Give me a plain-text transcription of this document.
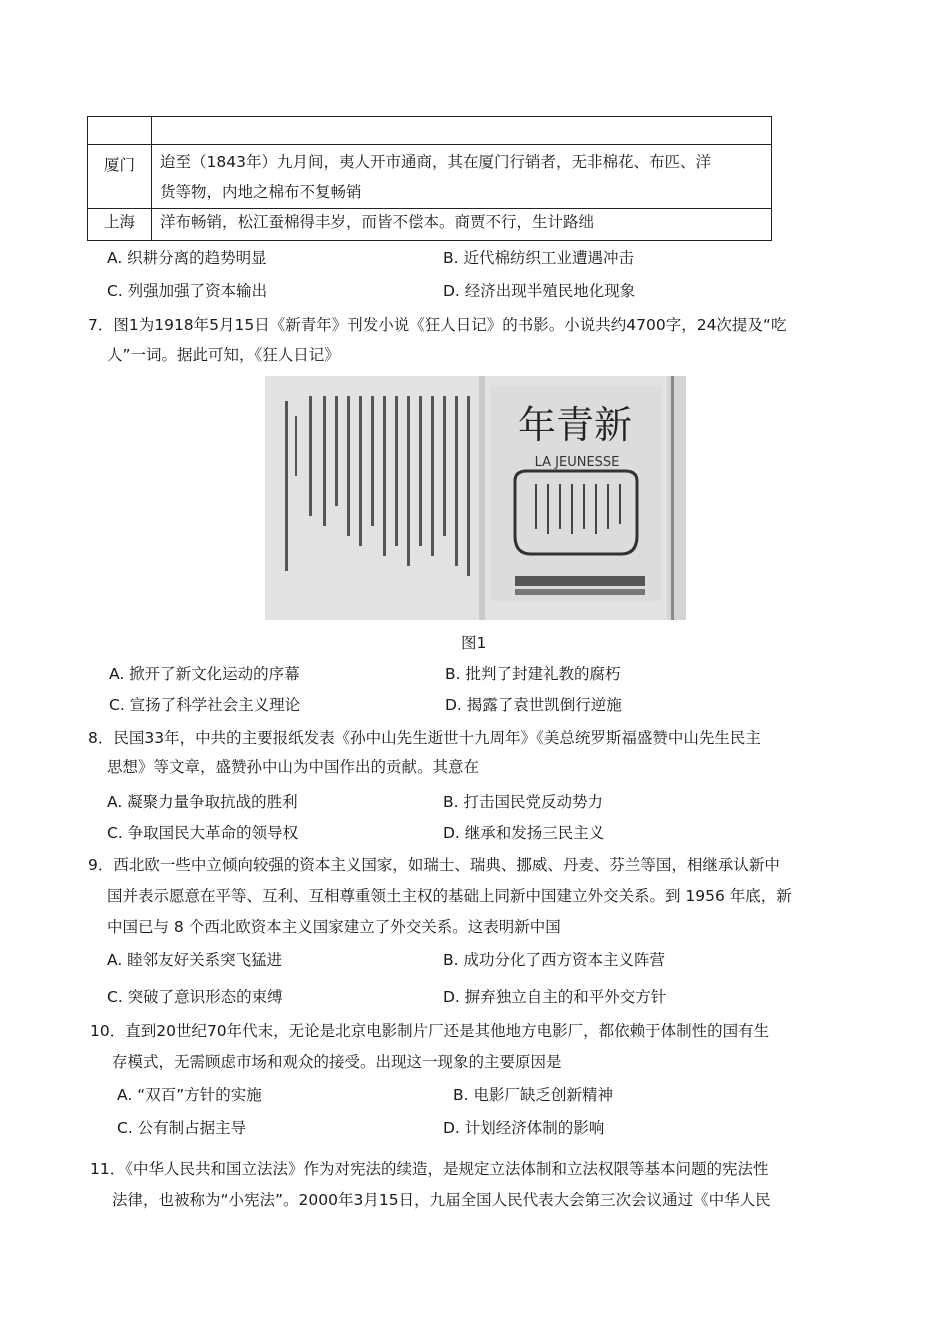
厦门	迨至（1843年）九月间，夷人开市通商，其在厦门行销者，无非棉花、布匹、洋
货等物，内地之棉布不复畅销
上海	洋布畅销，松江蚕棉得丰岁，而皆不偿本。商贾不行，生计路绌
A. 织耕分离的趋势明显	B. 近代棉纺织工业遭遇冲击
C. 列强加强了资本输出	D. 经济出现半殖民地化现象
7．图1为1918年5月15日《新青年》刊发小说《狂人日记》的书影。小说共约4700字，24次提及“吃
人”一词。据此可知，《狂人日记》
年青新
LA JEUNESSE
图1
A. 掀开了新文化运动的序幕	B. 批判了封建礼教的腐朽
C. 宣扬了科学社会主义理论	D. 揭露了袁世凯倒行逆施
8．民国33年，中共的主要报纸发表《孙中山先生逝世十九周年》《美总统罗斯福盛赞中山先生民主
思想》等文章，盛赞孙中山为中国作出的贡献。其意在
A. 凝聚力量争取抗战的胜利	B. 打击国民党反动势力
C. 争取国民大革命的领导权	D. 继承和发扬三民主义
9．西北欧一些中立倾向较强的资本主义国家，如瑞士、瑞典、挪威、丹麦、芬兰等国，相继承认新中
国并表示愿意在平等、互利、互相尊重领土主权的基础上同新中国建立外交关系。到 1956 年底，新
中国已与 8 个西北欧资本主义国家建立了外交关系。这表明新中国
A. 睦邻友好关系突飞猛进	B. 成功分化了西方资本主义阵营
C. 突破了意识形态的束缚	D. 摒弃独立自主的和平外交方针
10．直到20世纪70年代末，无论是北京电影制片厂还是其他地方电影厂，都依赖于体制性的国有生
存模式，无需顾虑市场和观众的接受。出现这一现象的主要原因是
A. “双百”方针的实施	B. 电影厂缺乏创新精神
C. 公有制占据主导	D. 计划经济体制的影响
11．《中华人民共和国立法法》作为对宪法的续造，是规定立法体制和立法权限等基本问题的宪法性
法律，也被称为“小宪法”。2000年3月15日，九届全国人民代表大会第三次会议通过《中华人民
